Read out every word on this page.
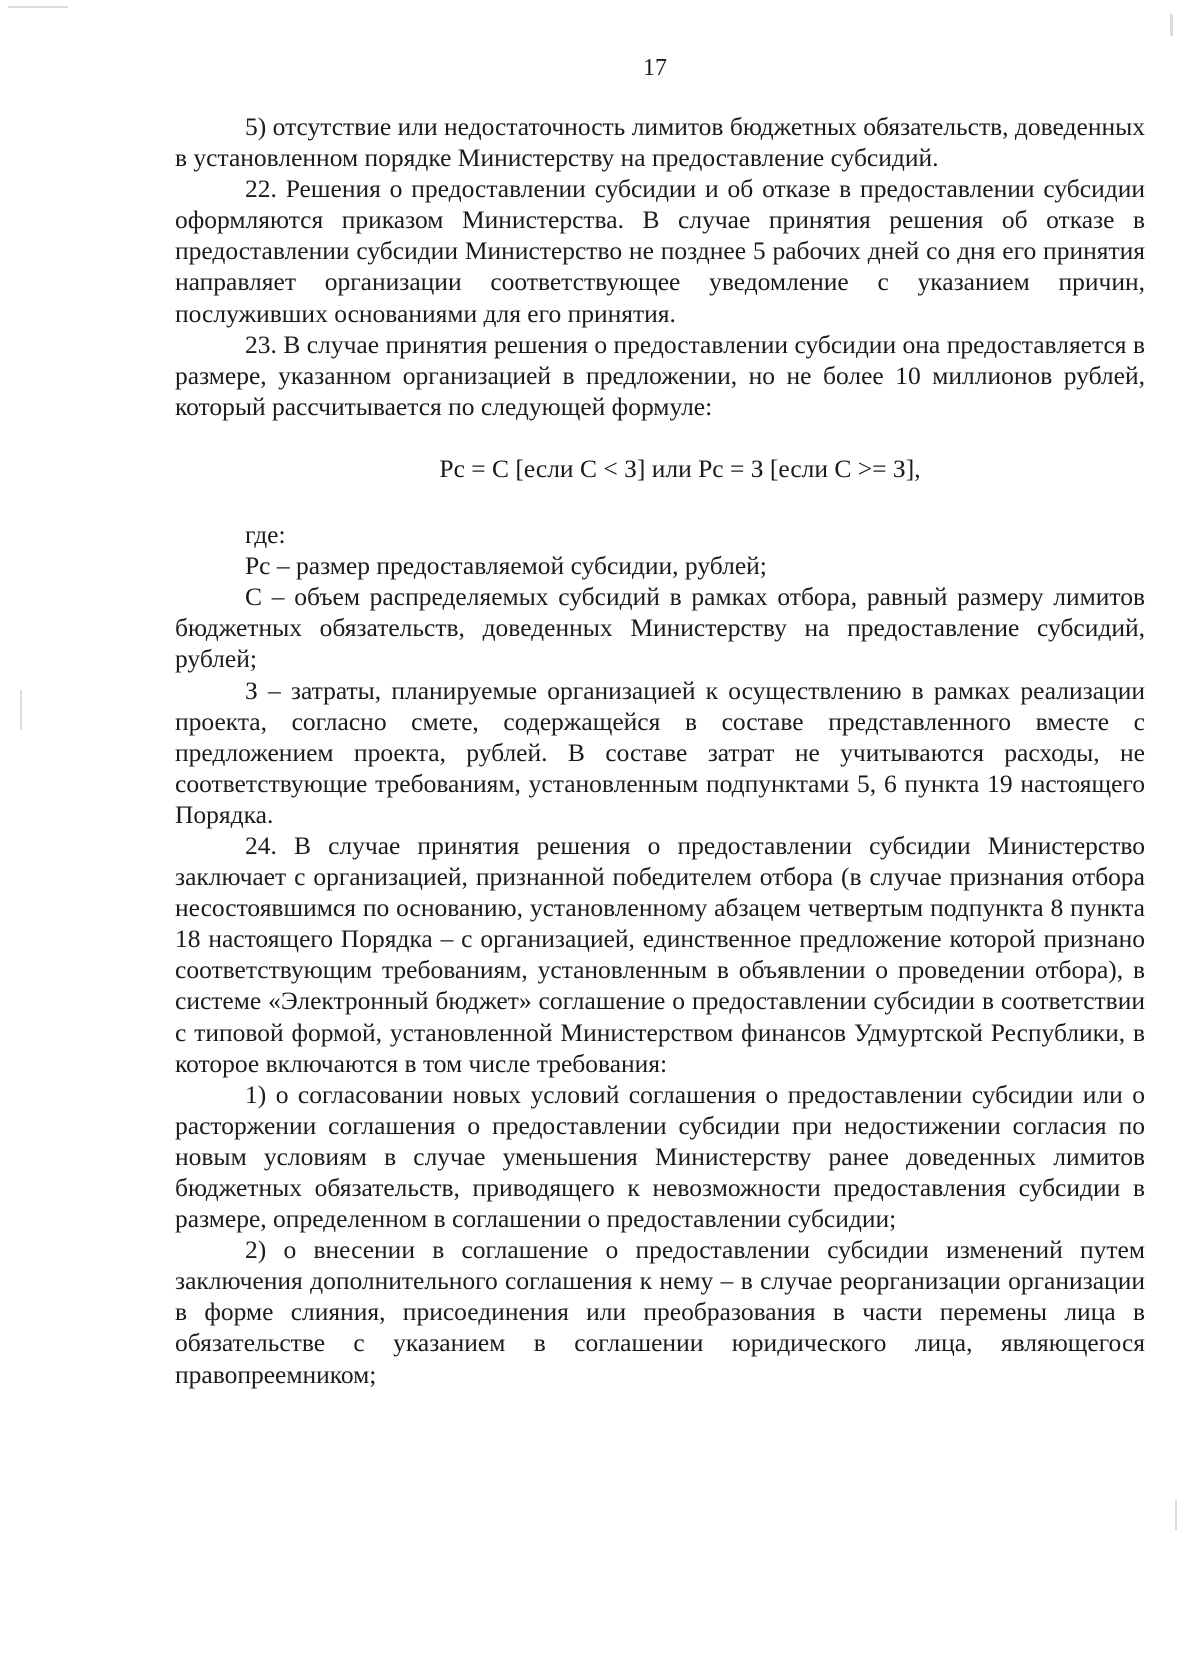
17

5) отсутствие или недостаточность лимитов бюджетных обязательств, доведенных в установленном порядке Министерству на предоставление субсидий.

22. Решения о предоставлении субсидии и об отказе в предоставлении субсидии оформляются приказом Министерства. В случае принятия решения об отказе в предоставлении субсидии Министерство не позднее 5 рабочих дней со дня его принятия направляет организации соответствующее уведомление с указанием причин, послуживших основаниями для его принятия.

23. В случае принятия решения о предоставлении субсидии она предоставляется в размере, указанном организацией в предложении, но не более 10 миллионов рублей, который рассчитывается по следующей формуле:

Рс = С [если С < З] или Рс = З [если С >= З],

где:

Рс – размер предоставляемой субсидии, рублей;

С – объем распределяемых субсидий в рамках отбора, равный размеру лимитов бюджетных обязательств, доведенных Министерству на предоставление субсидий, рублей;

З – затраты, планируемые организацией к осуществлению в рамках реализации проекта, согласно смете, содержащейся в составе представленного вместе с предложением проекта, рублей. В составе затрат не учитываются расходы, не соответствующие требованиям, установленным подпунктами 5, 6 пункта 19 настоящего Порядка.

24. В случае принятия решения о предоставлении субсидии Министерство заключает с организацией, признанной победителем отбора (в случае признания отбора несостоявшимся по основанию, установленному абзацем четвертым подпункта 8 пункта 18 настоящего Порядка – с организацией, единственное предложение которой признано соответствующим требованиям, установленным в объявлении о проведении отбора), в системе «Электронный бюджет» соглашение о предоставлении субсидии в соответствии с типовой формой, установленной Министерством финансов Удмуртской Республики, в которое включаются в том числе требования:

1) о согласовании новых условий соглашения о предоставлении субсидии или о расторжении соглашения о предоставлении субсидии при недостижении согласия по новым условиям в случае уменьшения Министерству ранее доведенных лимитов бюджетных обязательств, приводящего к невозможности предоставления субсидии в размере, определенном в соглашении о предоставлении субсидии;

2) о внесении в соглашение о предоставлении субсидии изменений путем заключения дополнительного соглашения к нему – в случае реорганизации организации в форме слияния, присоединения или преобразования в части перемены лица в обязательстве с указанием в соглашении юридического лица, являющегося правопреемником;
